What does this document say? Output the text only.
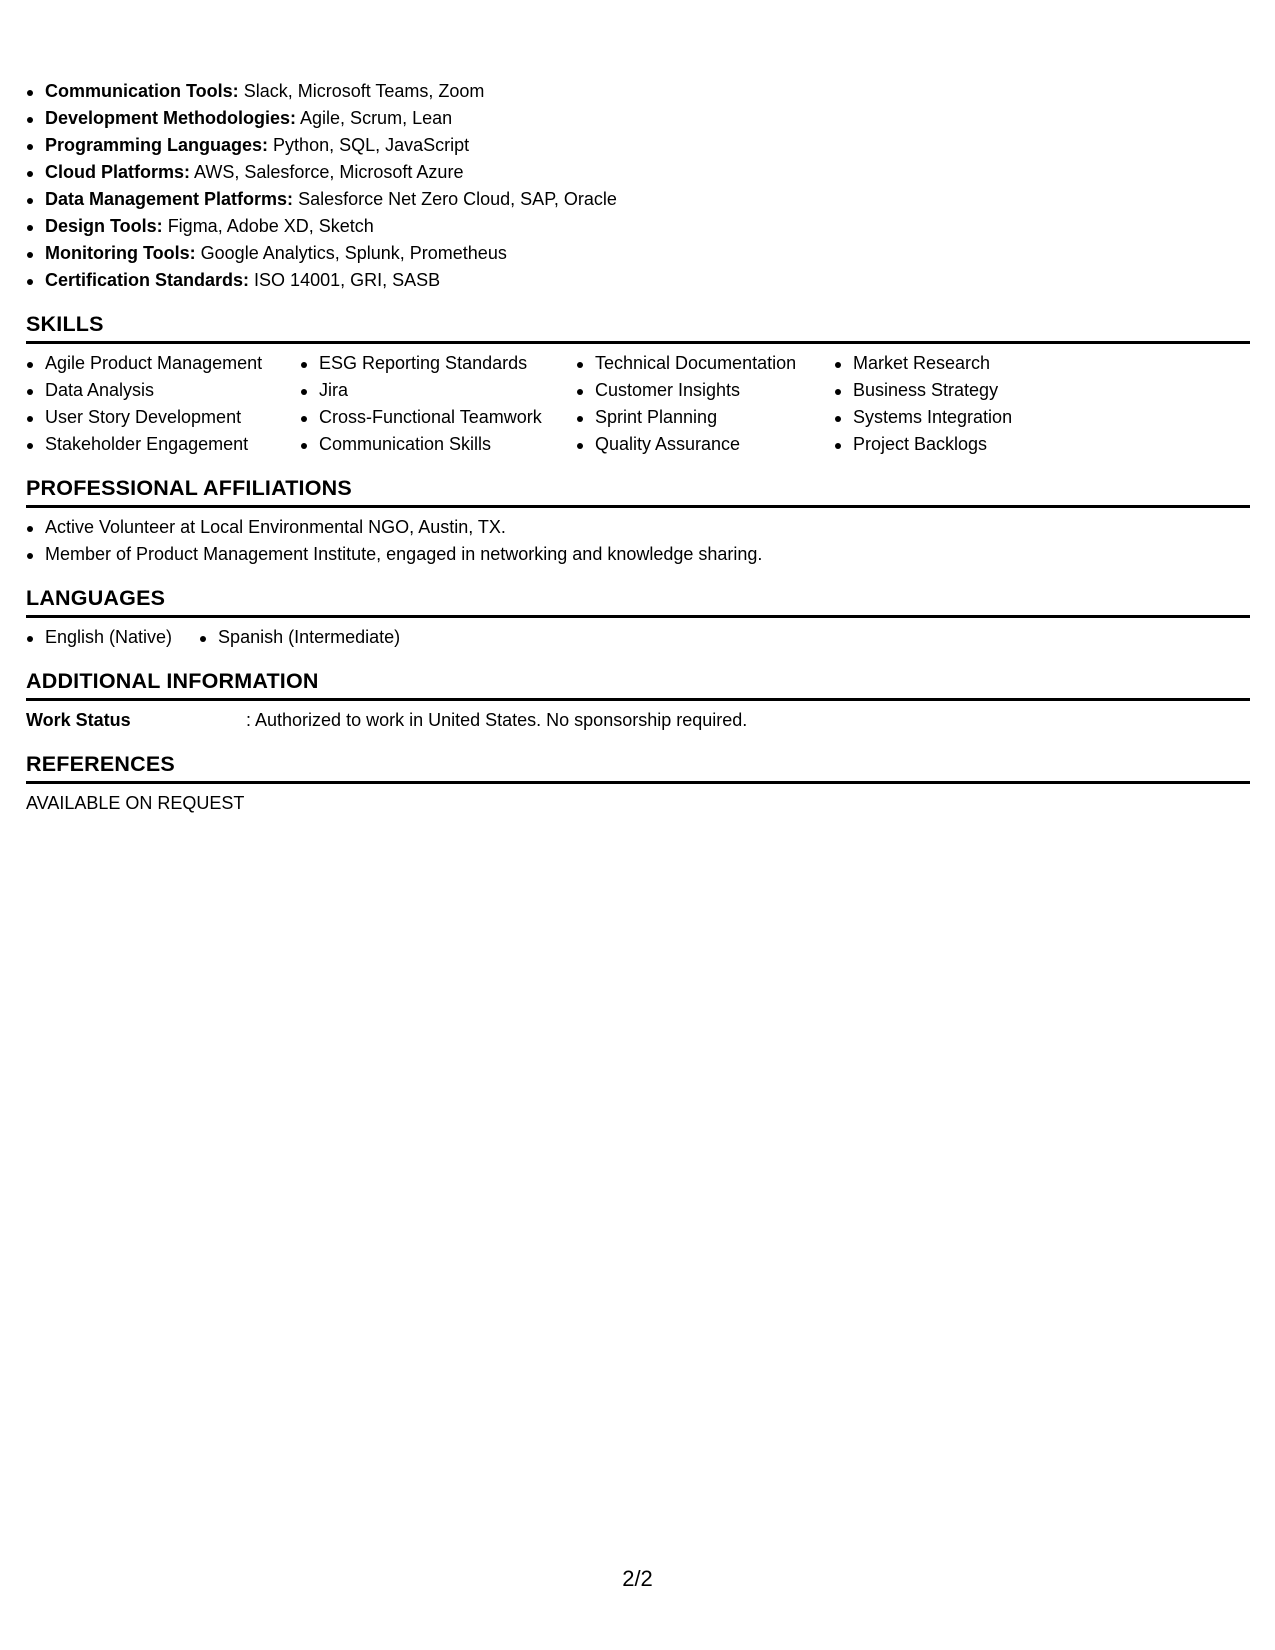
Communication Tools: Slack, Microsoft Teams, Zoom
Development Methodologies: Agile, Scrum, Lean
Programming Languages: Python, SQL, JavaScript
Cloud Platforms: AWS, Salesforce, Microsoft Azure
Data Management Platforms: Salesforce Net Zero Cloud, SAP, Oracle
Design Tools: Figma, Adobe XD, Sketch
Monitoring Tools: Google Analytics, Splunk, Prometheus
Certification Standards: ISO 14001, GRI, SASB
SKILLS
Agile Product Management
Data Analysis
User Story Development
Stakeholder Engagement
ESG Reporting Standards
Jira
Cross-Functional Teamwork
Communication Skills
Technical Documentation
Customer Insights
Sprint Planning
Quality Assurance
Market Research
Business Strategy
Systems Integration
Project Backlogs
PROFESSIONAL AFFILIATIONS
Active Volunteer at Local Environmental NGO, Austin, TX.
Member of Product Management Institute, engaged in networking and knowledge sharing.
LANGUAGES
English (Native)	Spanish (Intermediate)
ADDITIONAL INFORMATION
Work Status	: Authorized to work in United States. No sponsorship required.
REFERENCES
AVAILABLE ON REQUEST
2/2
